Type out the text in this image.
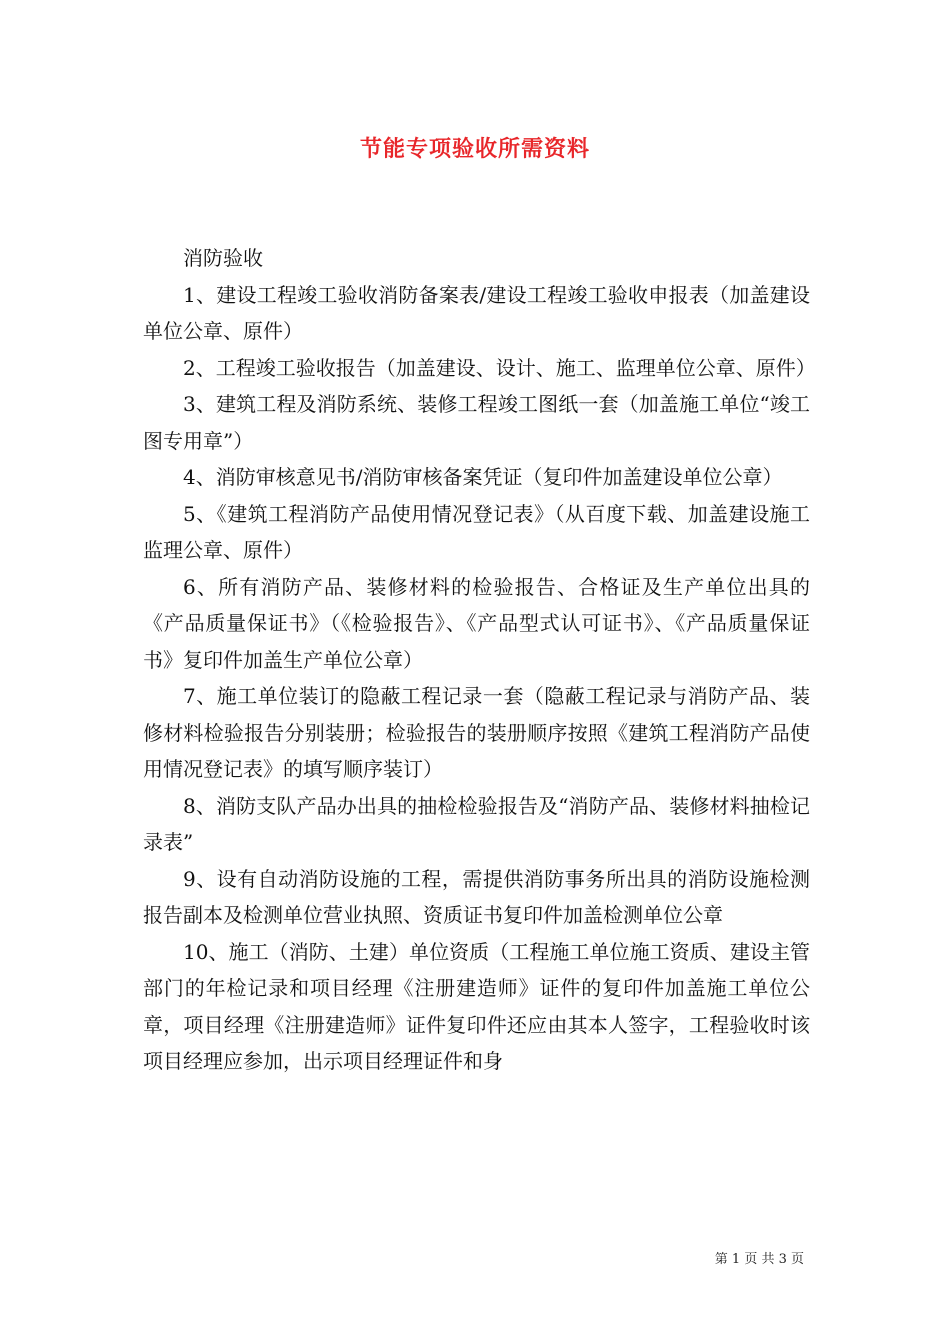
节能专项验收所需资料

消防验收

1、建设工程竣工验收消防备案表/建设工程竣工验收申报表（加盖建设单位公章、原件）

2、工程竣工验收报告（加盖建设、设计、施工、监理单位公章、原件）

3、建筑工程及消防系统、装修工程竣工图纸一套（加盖施工单位“竣工图专用章”）

4、消防审核意见书/消防审核备案凭证（复印件加盖建设单位公章）

5、《建筑工程消防产品使用情况登记表》（从百度下载、加盖建设施工监理公章、原件）

6、所有消防产品、装修材料的检验报告、合格证及生产单位出具的《产品质量保证书》（《检验报告》、《产品型式认可证书》、《产品质量保证书》复印件加盖生产单位公章）

7、施工单位装订的隐蔽工程记录一套（隐蔽工程记录与消防产品、装修材料检验报告分别装册；检验报告的装册顺序按照《建筑工程消防产品使用情况登记表》的填写顺序装订）

8、消防支队产品办出具的抽检检验报告及“消防产品、装修材料抽检记录表”

9、设有自动消防设施的工程，需提供消防事务所出具的消防设施检测报告副本及检测单位营业执照、资质证书复印件加盖检测单位公章

10、施工（消防、土建）单位资质（工程施工单位施工资质、建设主管部门的年检记录和项目经理《注册建造师》证件的复印件加盖施工单位公章，项目经理《注册建造师》证件复印件还应由其本人签字，工程验收时该项目经理应参加，出示项目经理证件和身

第 1 页 共 3 页
